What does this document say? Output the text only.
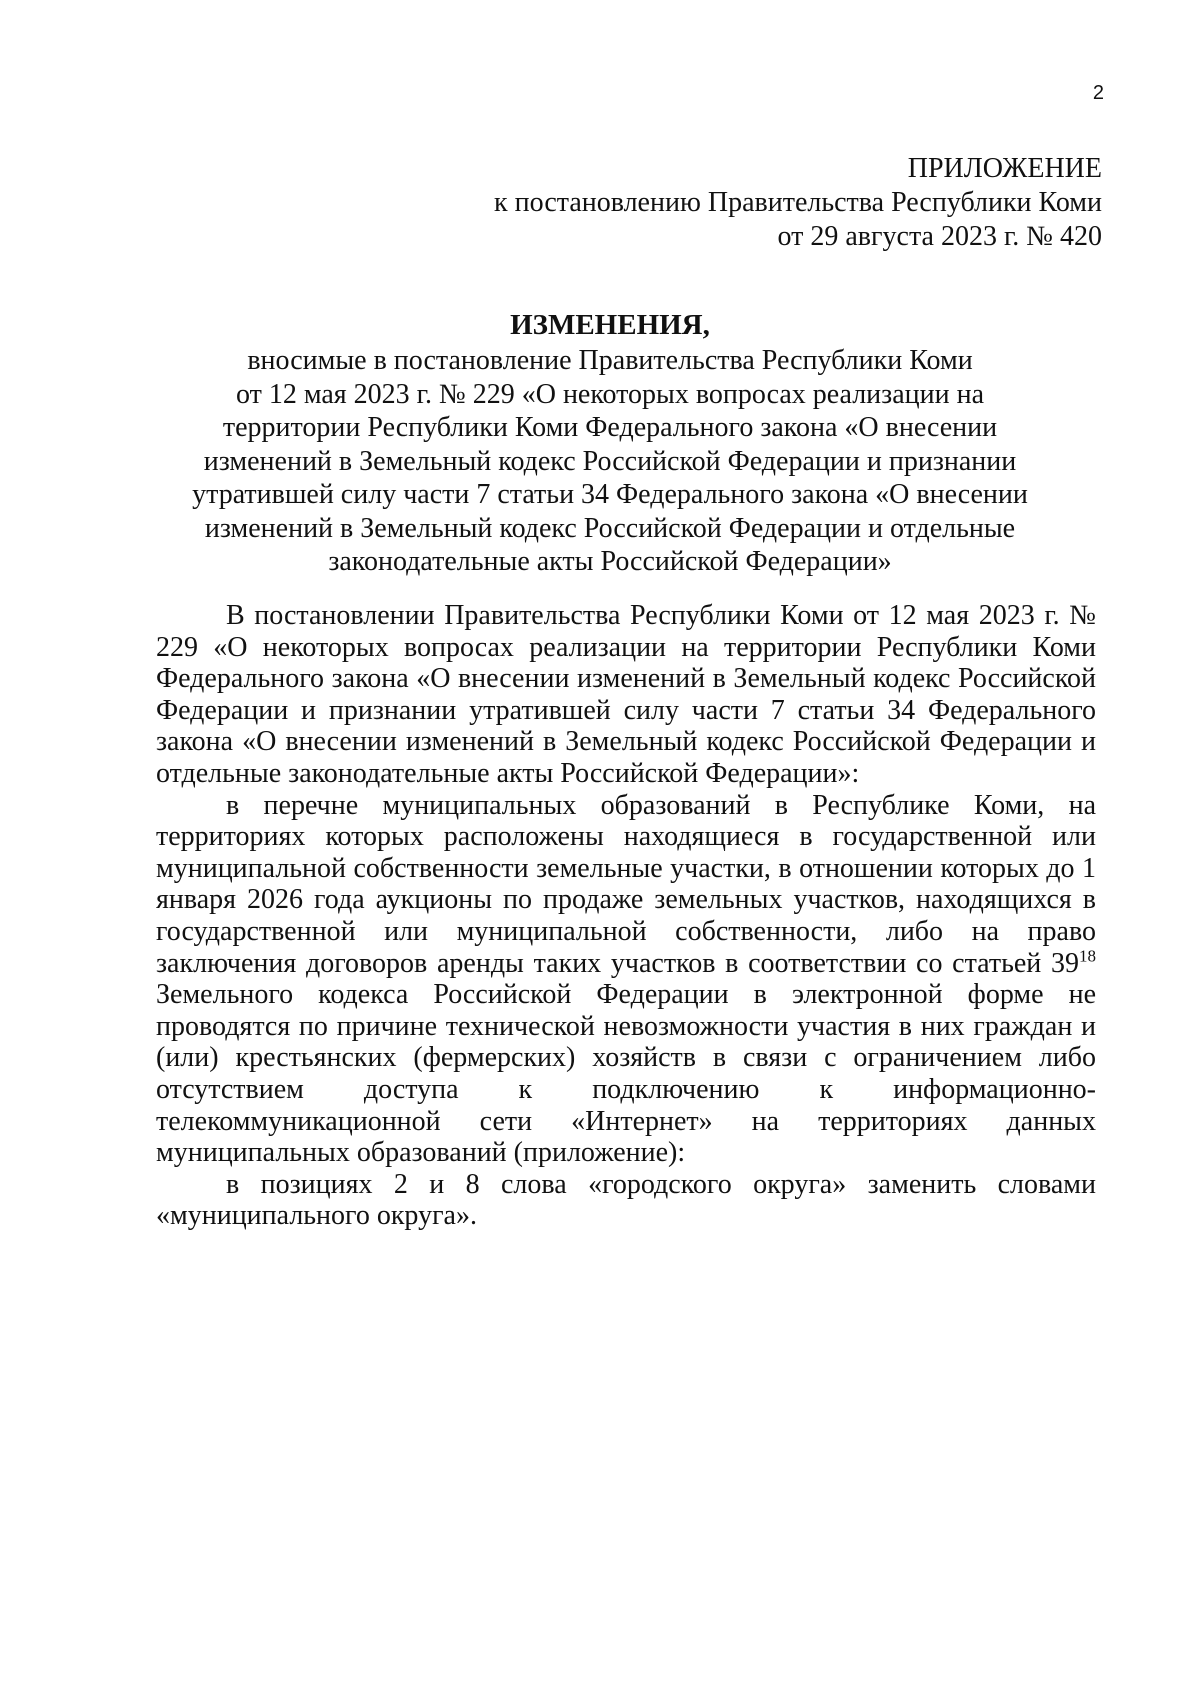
2
ПРИЛОЖЕНИЕ
к постановлению Правительства Республики Коми
от 29 августа 2023 г. № 420
ИЗМЕНЕНИЯ,
вносимые в постановление Правительства Республики Коми
от 12 мая 2023 г. № 229 «О некоторых вопросах реализации на
территории Республики Коми Федерального закона «О внесении
изменений в Земельный кодекс Российской Федерации и признании
утратившей силу части 7 статьи 34 Федерального закона «О внесении
изменений в Земельный кодекс Российской Федерации и отдельные
законодательные акты Российской Федерации»

В постановлении Правительства Республики Коми от 12 мая 2023 г. № 229 «О некоторых вопросах реализации на территории Республики Коми Федерального закона «О внесении изменений в Земельный кодекс Российской Федерации и признании утратившей силу части 7 статьи 34 Федерального закона «О внесении изменений в Земельный кодекс Российской Федерации и отдельные законодательные акты Российской Федерации»:

в перечне муниципальных образований в Республике Коми, на территориях которых расположены находящиеся в государственной или муниципальной собственности земельные участки, в отношении которых до 1 января 2026 года аукционы по продаже земельных участков, находящихся в государственной или муниципальной собственности, либо на право заключения договоров аренды таких участков в соответствии со статьей $39^{18}$ Земельного кодекса Российской Федерации в электронной форме не проводятся по причине технической невозможности участия в них граждан и (или) крестьянских (фермерских) хозяйств в связи с ограничением либо отсутствием доступа к подключению к информационно-телекоммуникационной сети «Интернет» на территориях данных муниципальных образований (приложение):

в позициях 2 и 8 слова «городского округа» заменить словами «муниципального округа».
